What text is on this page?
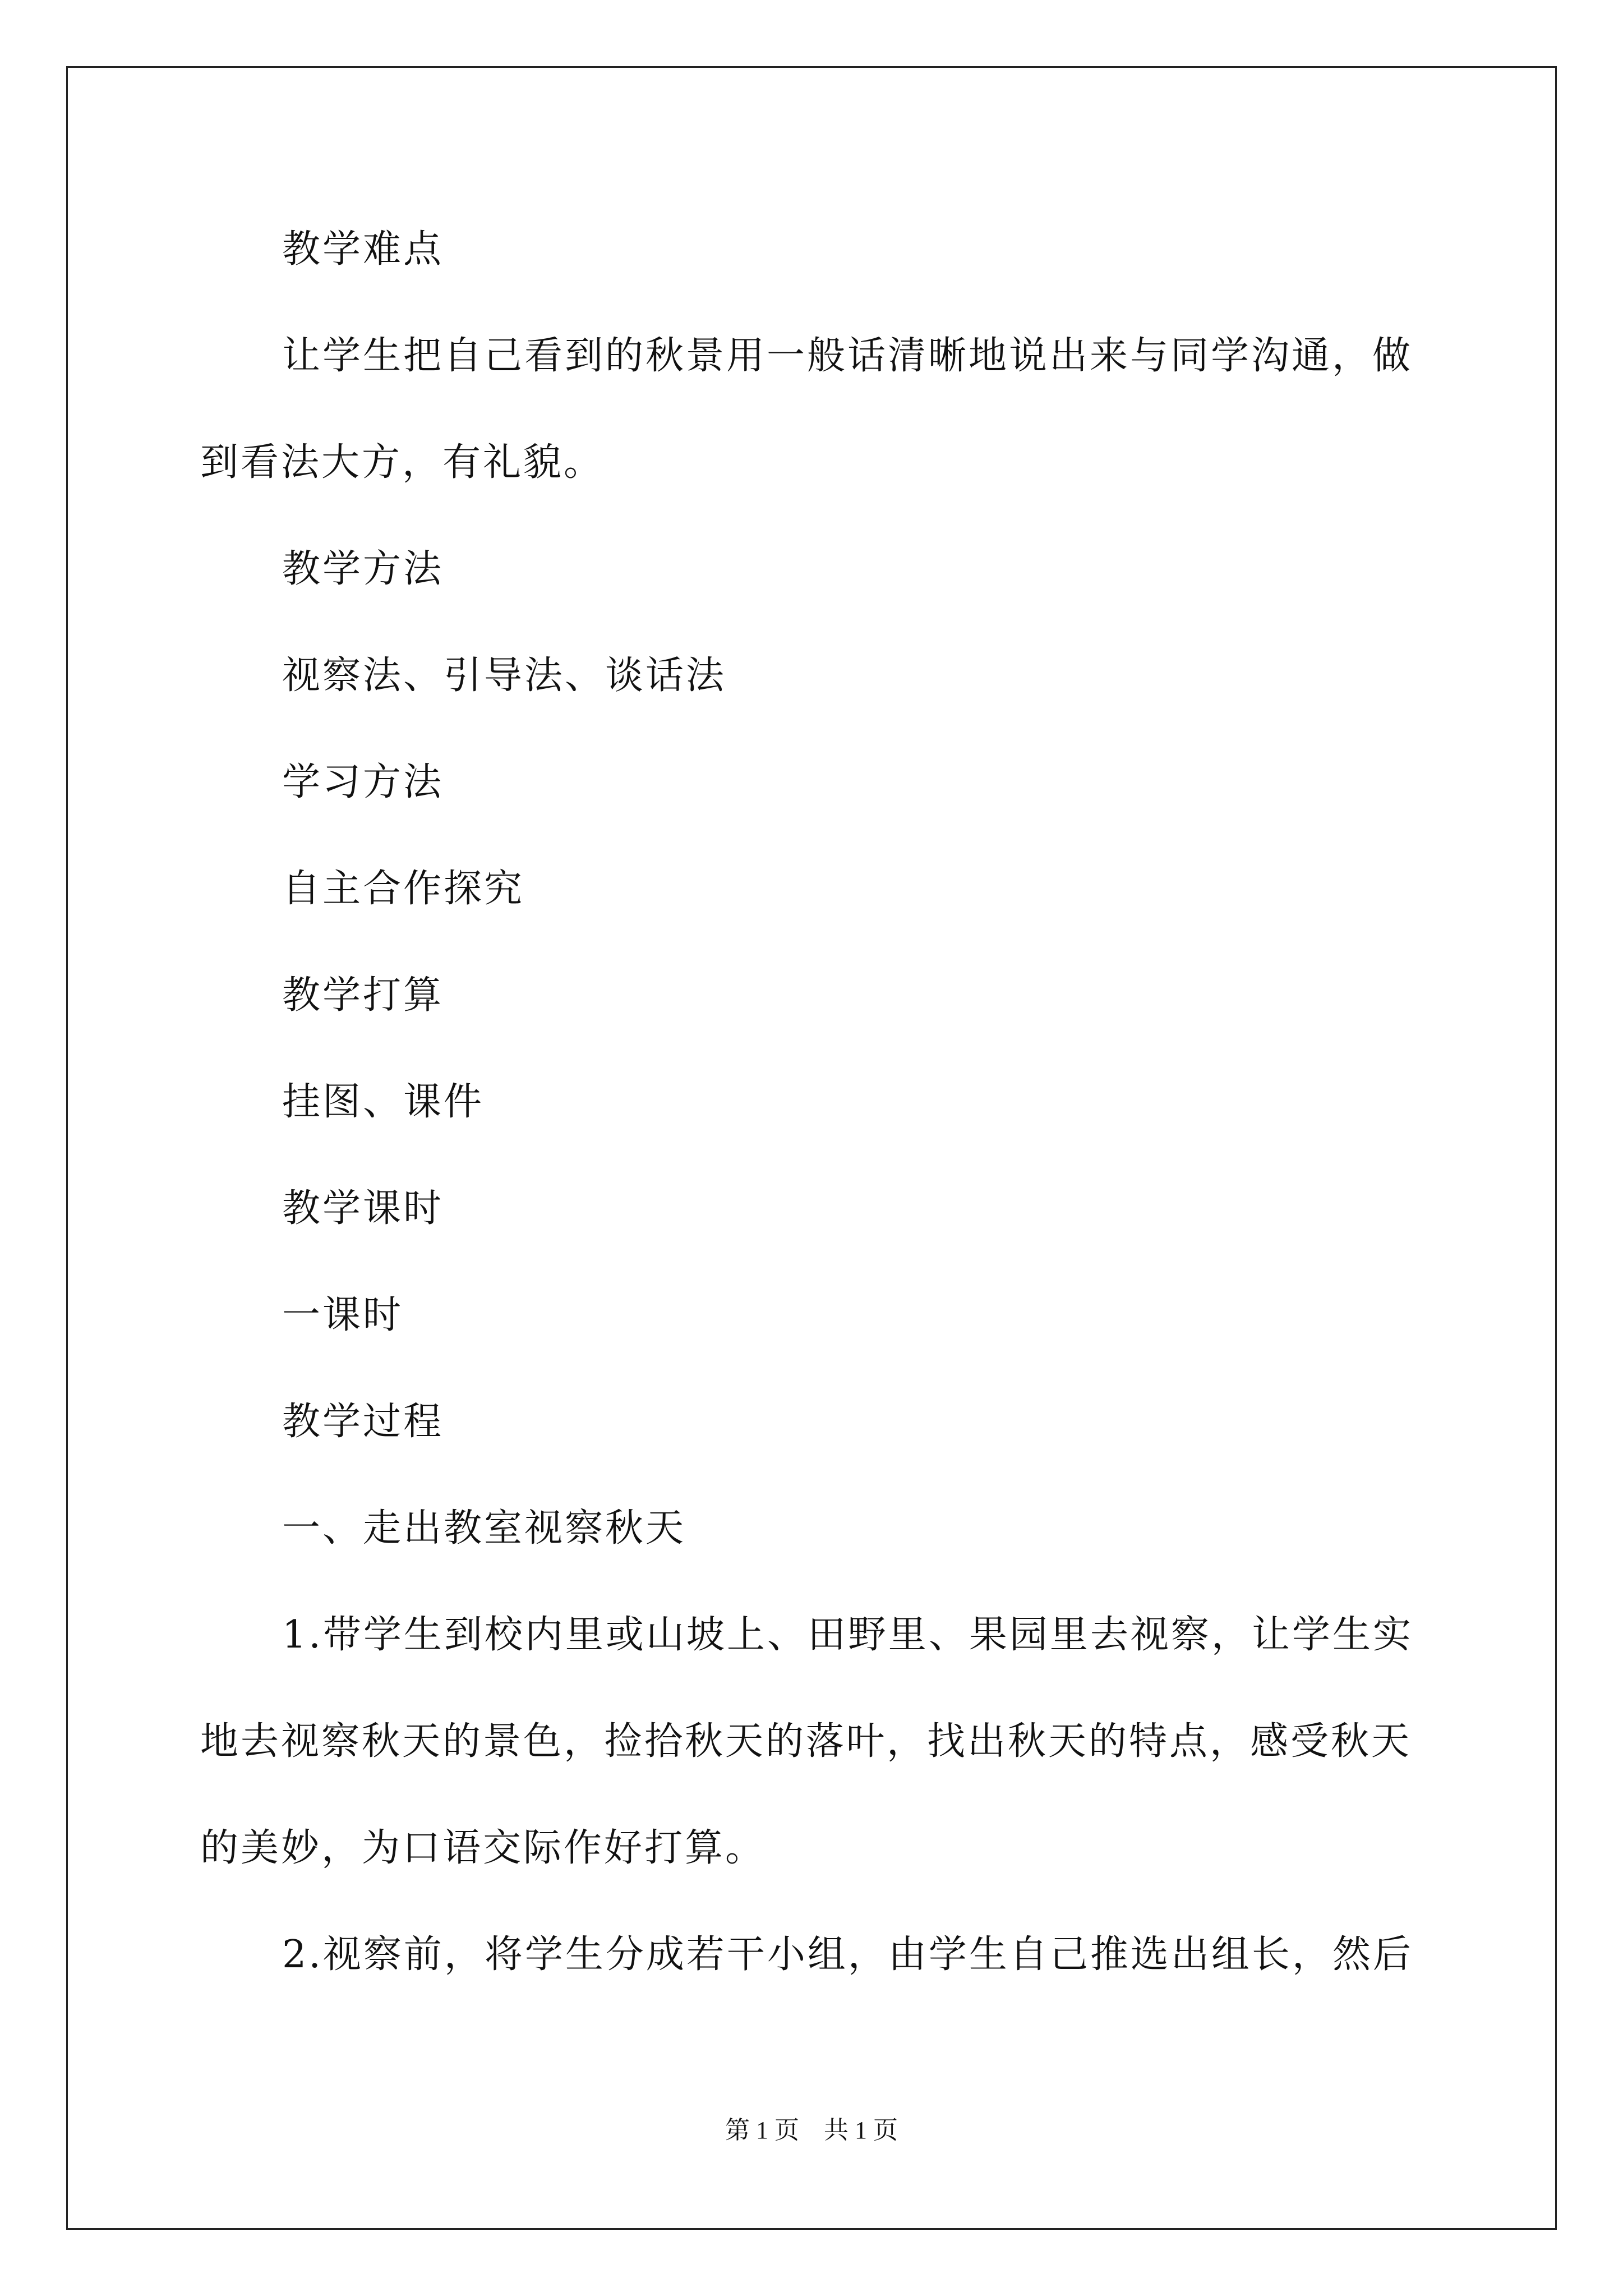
教学难点
让学生把自己看到的秋景用一般话清晰地说出来与同学沟通，做
到看法大方，有礼貌。
教学方法
视察法、引导法、谈话法
学习方法
自主合作探究
教学打算
挂图、课件
教学课时
一课时
教学过程
一、走出教室视察秋天
1.带学生到校内里或山坡上、田野里、果园里去视察，让学生实
地去视察秋天的景色，捡拾秋天的落叶，找出秋天的特点，感受秋天
的美妙，为口语交际作好打算。
2.视察前，将学生分成若干小组，由学生自己推选出组长，然后
第 1 页　共 1 页
